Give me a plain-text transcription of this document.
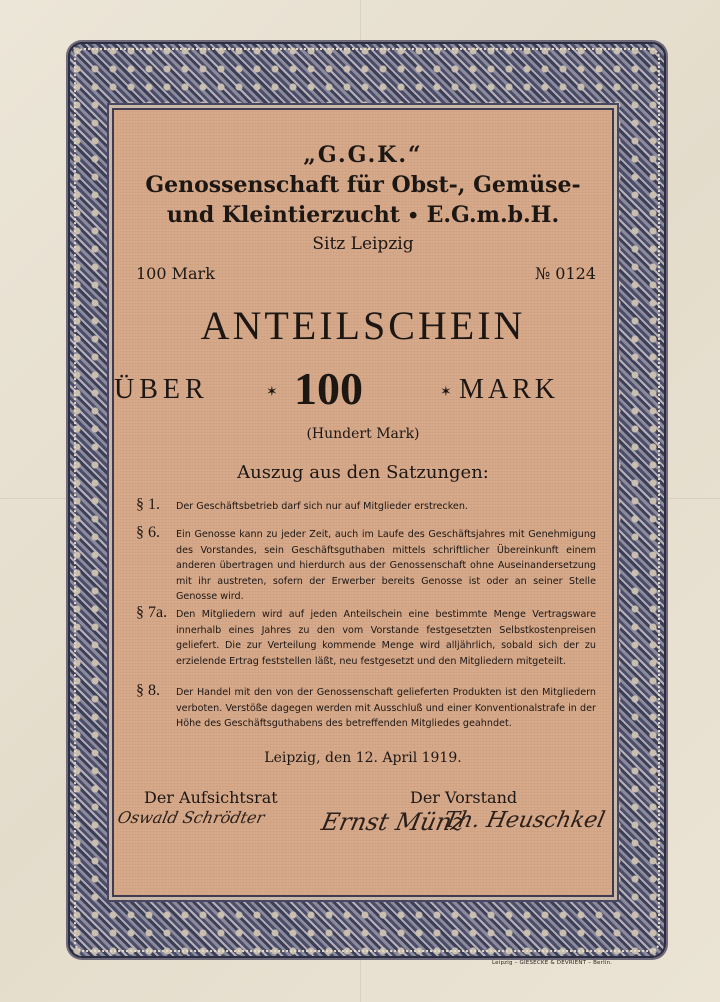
„G.G.K.“
Genossenschaft für Obst-, Gemüse-
und Kleintierzucht ∙ E.G.m.b.H.
Sitz Leipzig
100 Mark	№ 0124
ANTEILSCHEIN
ÜBER	✶ 100	✶ MARK
(Hundert Mark)
Auszug aus den Satzungen:
§ 1. Der Geschäftsbetrieb darf sich nur auf Mitglieder erstrecken.
§ 6. Ein Genosse kann zu jeder Zeit, auch im Laufe des Geschäftsjahres mit Genehmigung des Vorstandes, sein Geschäftsguthaben mittels schriftlicher Übereinkunft einem anderen übertragen und hierdurch aus der Genossenschaft ohne Auseinandersetzung mit ihr austreten, sofern der Erwerber bereits Genosse ist oder an seiner Stelle Genosse wird.
§ 7a. Den Mitgliedern wird auf jeden Anteilschein eine bestimmte Menge Vertragsware innerhalb eines Jahres zu den vom Vorstande festgesetzten Selbstkostenpreisen geliefert. Die zur Verteilung kommende Menge wird alljährlich, sobald sich der zu erzielende Ertrag feststellen läßt, neu festgesetzt und den Mitgliedern mitgeteilt.
§ 8. Der Handel mit den von der Genossenschaft gelieferten Produkten ist den Mitgliedern verboten. Verstöße dagegen werden mit Ausschluß und einer Konventionalstrafe in der Höhe des Geschäftsguthabens des betreffenden Mitgliedes geahndet.
Leipzig, den 12. April 1919.
Der Aufsichtsrat	Der Vorstand
Oswald Schrödter Ernst Münz
Th. Heuschkel
Leipzig – GIESECKE & DEVRIENT – Berlin.
